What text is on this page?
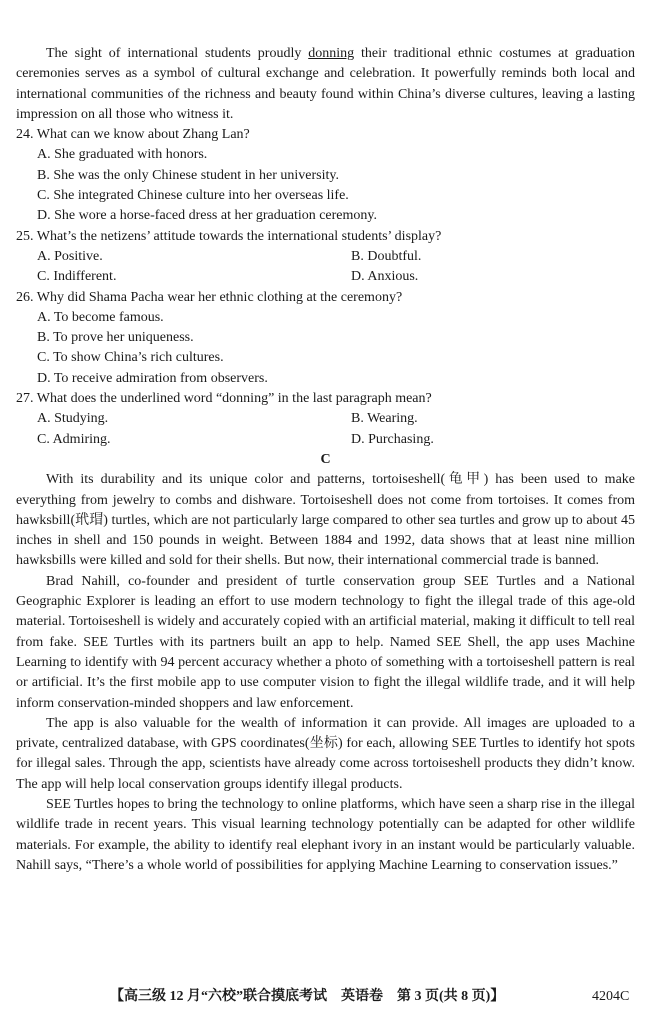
The sight of international students proudly donning their traditional ethnic costumes at graduation ceremonies serves as a symbol of cultural exchange and celebration. It powerfully reminds both local and international communities of the richness and beauty found within China’s diverse cultures, leaving a lasting impression on all those who witness it.

24. What can we know about Zhang Lan?

A. She graduated with honors.

B. She was the only Chinese student in her university.

C. She integrated Chinese culture into her overseas life.

D. She wore a horse-faced dress at her graduation ceremony.

25. What’s the netizens’ attitude towards the international students’ display?

A. Positive.	B. Doubtful.
C. Indifferent.	D. Anxious.

26. Why did Shama Pacha wear her ethnic clothing at the ceremony?

A. To become famous.

B. To prove her uniqueness.

C. To show China’s rich cultures.

D. To receive admiration from observers.

27. What does the underlined word “donning” in the last paragraph mean?

A. Studying.	B. Wearing.
C. Admiring.	D. Purchasing.

C

With its durability and its unique color and patterns, tortoiseshell(龟甲) has been used to make everything from jewelry to combs and dishware. Tortoiseshell does not come from tortoises. It comes from hawksbill(玳瑁) turtles, which are not particularly large compared to other sea turtles and grow up to about 45 inches in shell and 150 pounds in weight. Between 1884 and 1992, data shows that at least nine million hawksbills were killed and sold for their shells. But now, their international commercial trade is banned.

Brad Nahill, co-founder and president of turtle conservation group SEE Turtles and a National Geographic Explorer is leading an effort to use modern technology to fight the illegal trade of this age-old material. Tortoiseshell is widely and accurately copied with an artificial material, making it difficult to tell real from fake. SEE Turtles with its partners built an app to help. Named SEE Shell, the app uses Machine Learning to identify with 94 percent accuracy whether a photo of something with a tortoiseshell pattern is real or artificial. It’s the first mobile app to use computer vision to fight the illegal wildlife trade, and it will help inform conservation-minded shoppers and law enforcement.

The app is also valuable for the wealth of information it can provide. All images are uploaded to a private, centralized database, with GPS coordinates(坐标) for each, allowing SEE Turtles to identify hot spots for illegal sales. Through the app, scientists have already come across tortoiseshell products they didn’t know. The app will help local conservation groups identify illegal products.

SEE Turtles hopes to bring the technology to online platforms, which have seen a sharp rise in the illegal wildlife trade in recent years. This visual learning technology potentially can be adapted for other wildlife materials. For example, the ability to identify real elephant ivory in an instant would be particularly valuable. Nahill says, “There’s a whole world of possibilities for applying Machine Learning to conservation issues.”

【高三级 12 月“六校”联合摸底考试　英语卷　第 3 页(共 8 页)】	4204C
